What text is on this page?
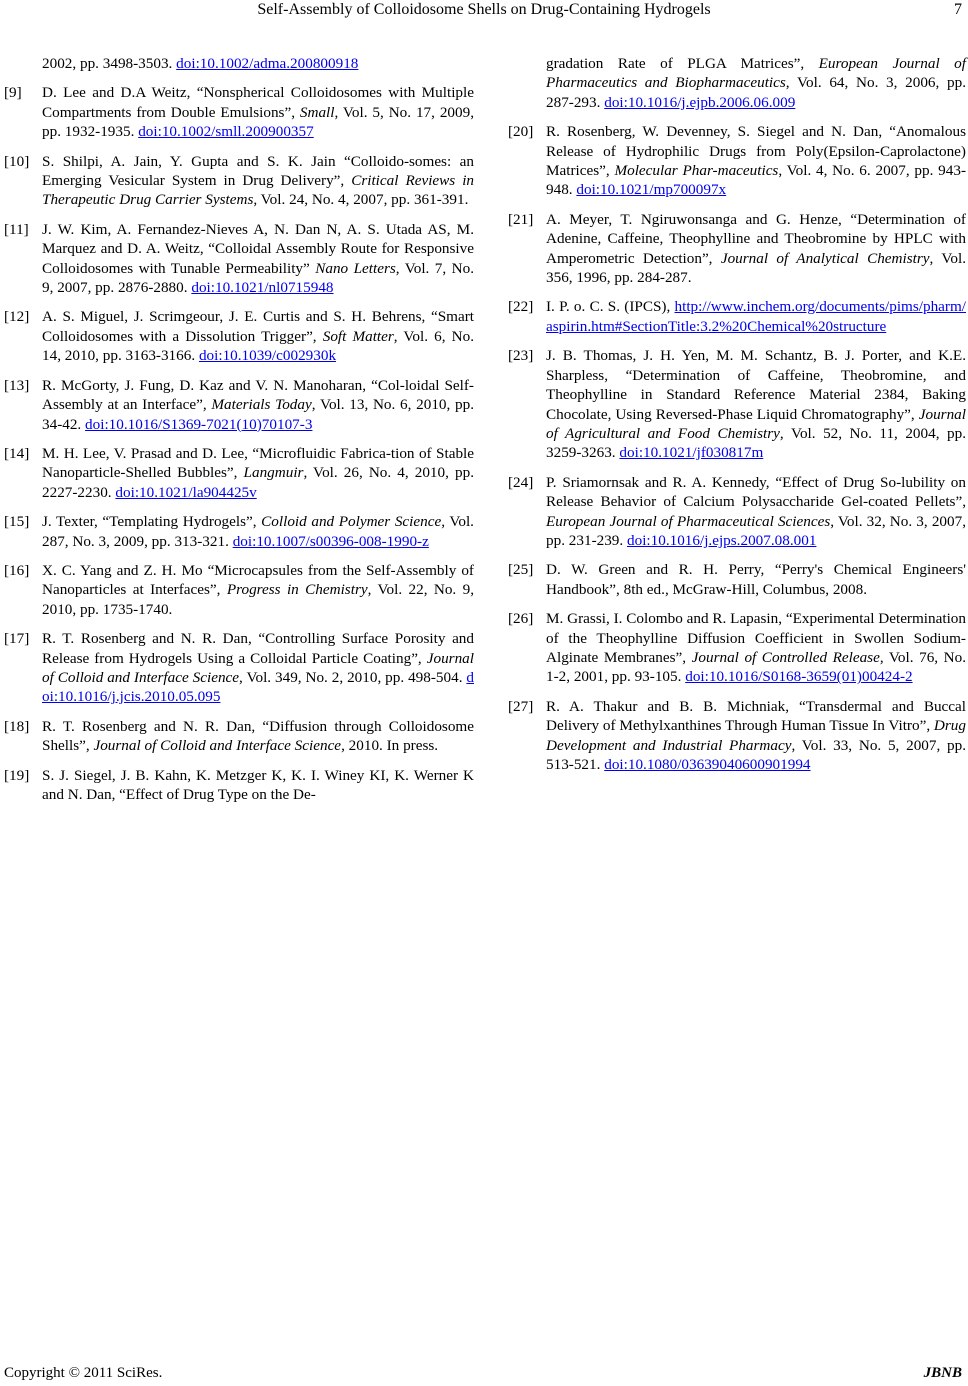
Self-Assembly of Colloidosome Shells on Drug-Containing Hydrogels	7
2002, pp. 3498-3503. doi:10.1002/adma.200800918
[9]	D. Lee and D.A Weitz, “Nonspherical Colloidosomes with Multiple Compartments from Double Emulsions”, Small, Vol. 5, No. 17, 2009, pp. 1932-1935. doi:10.1002/smll.200900357
[10] S. Shilpi, A. Jain, Y. Gupta and S. K. Jain “Colloido-somes: an Emerging Vesicular System in Drug Delivery”, Critical Reviews in Therapeutic Drug Carrier Systems, Vol. 24, No. 4, 2007, pp. 361-391.
[11] J. W. Kim, A. Fernandez-Nieves A, N. Dan N, A. S. Utada AS, M. Marquez and D. A. Weitz, “Colloidal Assembly Route for Responsive Colloidosomes with Tunable Permeability” Nano Letters, Vol. 7, No. 9, 2007, pp. 2876-2880. doi:10.1021/nl0715948
[12] A. S. Miguel, J. Scrimgeour, J. E. Curtis and S. H. Behrens, “Smart Colloidosomes with a Dissolution Trigger”, Soft Matter, Vol. 6, No. 14, 2010, pp. 3163-3166. doi:10.1039/c002930k
[13] R. McGorty, J. Fung, D. Kaz and V. N. Manoharan, “Col-loidal Self-Assembly at an Interface”, Materials Today, Vol. 13, No. 6, 2010, pp. 34-42. doi:10.1016/S1369-7021(10)70107-3
[14] M. H. Lee, V. Prasad and D. Lee, “Microfluidic Fabrica-tion of Stable Nanoparticle-Shelled Bubbles”, Langmuir, Vol. 26, No. 4, 2010, pp. 2227-2230. doi:10.1021/la904425v
[15] J. Texter, “Templating Hydrogels”, Colloid and Polymer Science, Vol. 287, No. 3, 2009, pp. 313-321. doi:10.1007/s00396-008-1990-z
[16] X. C. Yang and Z. H. Mo “Microcapsules from the Self-Assembly of Nanoparticles at Interfaces”, Progress in Chemistry, Vol. 22, No. 9, 2010, pp. 1735-1740.
[17] R. T. Rosenberg and N. R. Dan, “Controlling Surface Porosity and Release from Hydrogels Using a Colloidal Particle Coating”, Journal of Colloid and Interface Science, Vol. 349, No. 2, 2010, pp. 498-504. doi:10.1016/j.jcis.2010.05.095
[18] R. T. Rosenberg and N. R. Dan, “Diffusion through Colloidosome Shells”, Journal of Colloid and Interface Science, 2010. In press.
[19] S. J. Siegel, J. B. Kahn, K. Metzger K, K. I. Winey KI, K. Werner K and N. Dan, “Effect of Drug Type on the De-
gradation Rate of PLGA Matrices”, European Journal of Pharmaceutics and Biopharmaceutics, Vol. 64, No. 3, 2006, pp. 287-293. doi:10.1016/j.ejpb.2006.06.009
[20] R. Rosenberg, W. Devenney, S. Siegel and N. Dan, “Anomalous Release of Hydrophilic Drugs from Poly(Epsilon-Caprolactone) Matrices”, Molecular Phar-maceutics, Vol. 4, No. 6. 2007, pp. 943-948. doi:10.1021/mp700097x
[21] A. Meyer, T. Ngiruwonsanga and G. Henze, “Determination of Adenine, Caffeine, Theophylline and Theobromine by HPLC with Amperometric Detection”, Journal of Analytical Chemistry, Vol. 356, 1996, pp. 284-287.
[22] I. P. o. C. S. (IPCS), http://www.inchem.org/documents/pims/pharm/aspirin.htm#SectionTitle:3.2%20Chemical%20structure
[23] J. B. Thomas, J. H. Yen, M. M. Schantz, B. J. Porter, and K.E. Sharpless, “Determination of Caffeine, Theobromine, and Theophylline in Standard Reference Material 2384, Baking Chocolate, Using Reversed-Phase Liquid Chromatography”, Journal of Agricultural and Food Chemistry, Vol. 52, No. 11, 2004, pp. 3259-3263. doi:10.1021/jf030817m
[24] P. Sriamornsak and R. A. Kennedy, “Effect of Drug So-lubility on Release Behavior of Calcium Polysaccharide Gel-coated Pellets”, European Journal of Pharmaceutical Sciences, Vol. 32, No. 3, 2007, pp. 231-239. doi:10.1016/j.ejps.2007.08.001
[25] D. W. Green and R. H. Perry, “Perry's Chemical Engineers' Handbook”, 8th ed., McGraw-Hill, Columbus, 2008.
[26] M. Grassi, I. Colombo and R. Lapasin, “Experimental Determination of the Theophylline Diffusion Coefficient in Swollen Sodium-Alginate Membranes”, Journal of Controlled Release, Vol. 76, No. 1-2, 2001, pp. 93-105. doi:10.1016/S0168-3659(01)00424-2
[27] R. A. Thakur and B. B. Michniak, “Transdermal and Buccal Delivery of Methylxanthines Through Human Tissue In Vitro”, Drug Development and Industrial Pharmacy, Vol. 33, No. 5, 2007, pp. 513-521. doi:10.1080/03639040600901994
Copyright © 2011 SciRes.	JBNB
